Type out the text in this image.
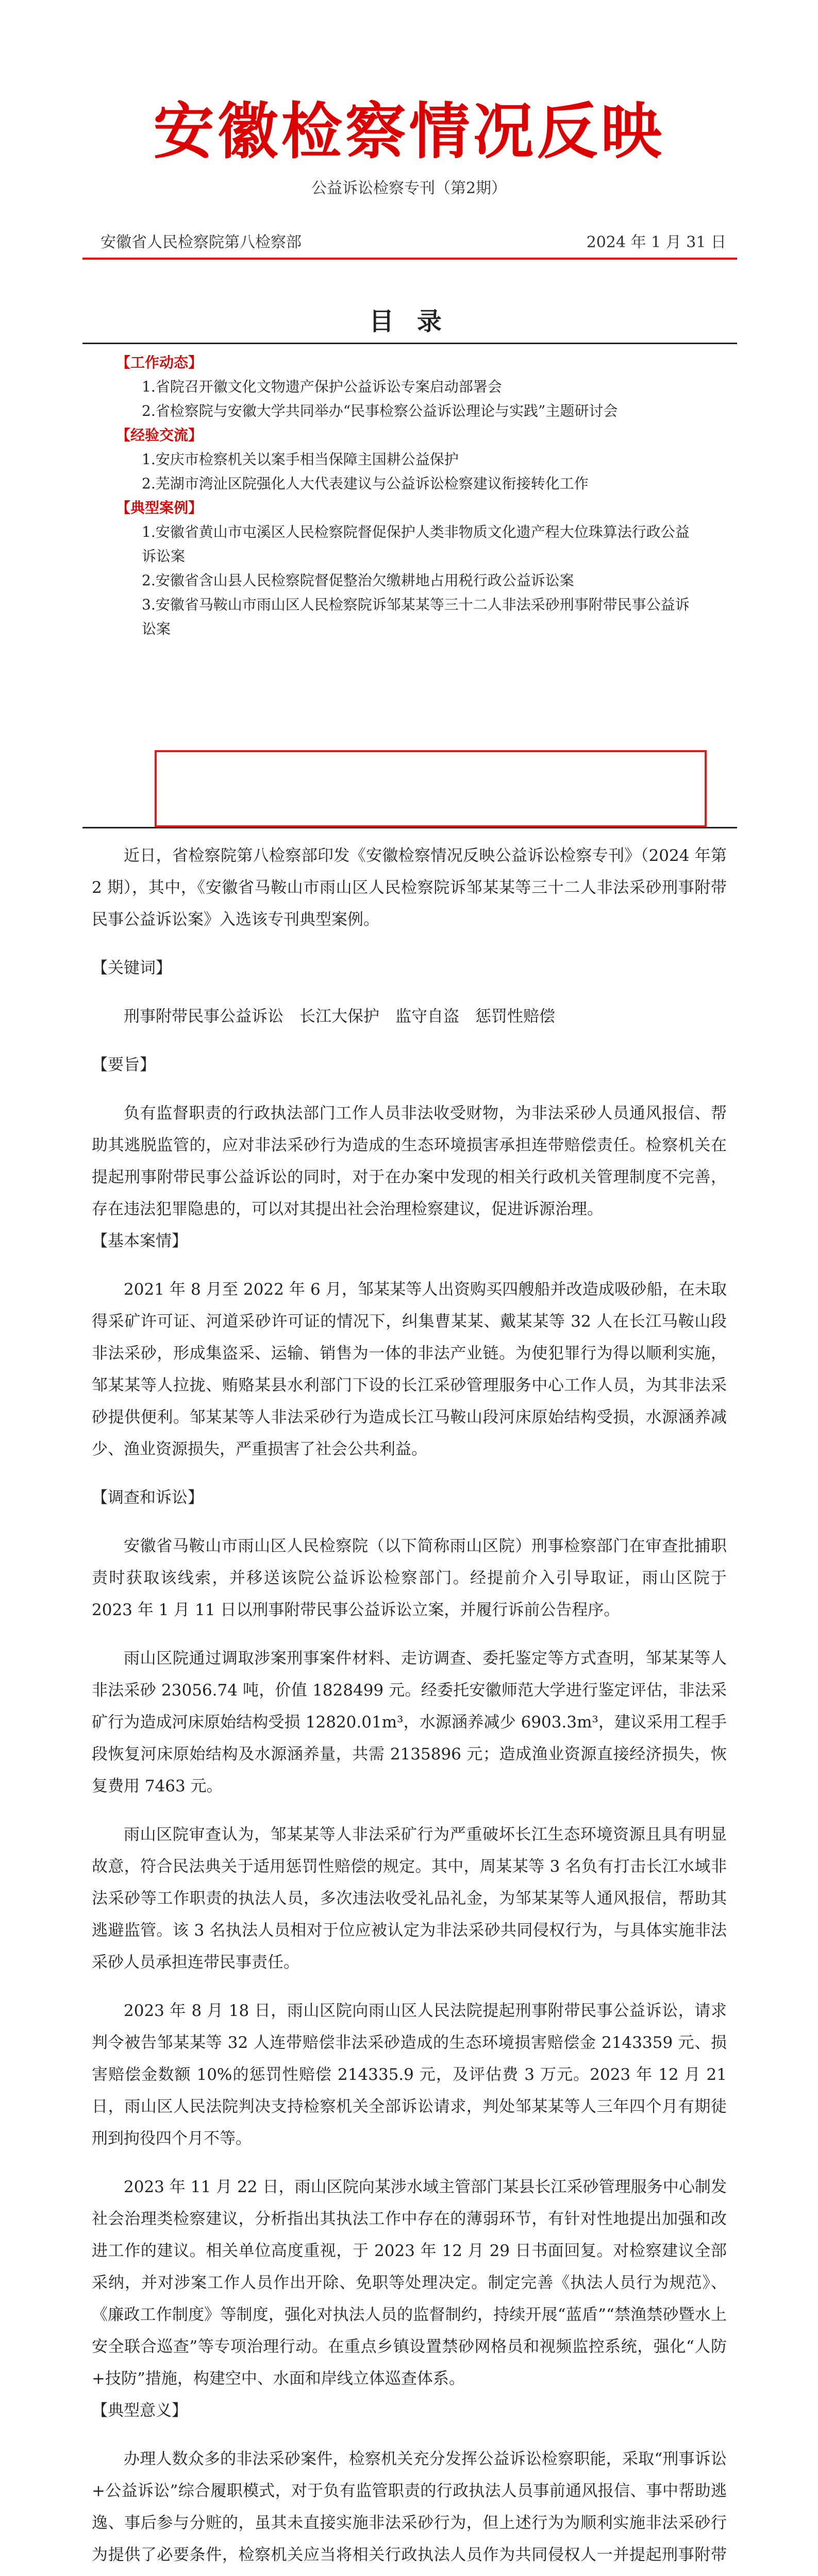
安徽检察情况反映
公益诉讼检察专刊（第2期）
安徽省人民检察院第八检察部	2024 年 1 月 31 日
目 录
【工作动态】
1.省院召开徽文化文物遗产保护公益诉讼专案启动部署会
2.省检察院与安徽大学共同举办“民事检察公益诉讼理论与实践”主题研讨会
【经验交流】
1.安庆市检察机关以案手相当保障主国耕公益保护
2.芜湖市湾沚区院强化人大代表建议与公益诉讼检察建议衔接转化工作
【典型案例】
1.安徽省黄山市屯溪区人民检察院督促保护人类非物质文化遗产程大位珠算法行政公益诉讼案
2.安徽省含山县人民检察院督促整治欠缴耕地占用税行政公益诉讼案
3.安徽省马鞍山市雨山区人民检察院诉邹某某等三十二人非法采砂刑事附带民事公益诉讼案

近日，省检察院第八检察部印发《安徽检察情况反映公益诉讼检察专刊》（2024 年第 2 期），其中，《安徽省马鞍山市雨山区人民检察院诉邹某某等三十二人非法采砂刑事附带民事公益诉讼案》入选该专刊典型案例。

【关键词】

刑事附带民事公益诉讼　长江大保护　监守自盗　惩罚性赔偿

【要旨】

负有监督职责的行政执法部门工作人员非法收受财物，为非法采砂人员通风报信、帮助其逃脱监管的，应对非法采砂行为造成的生态环境损害承担连带赔偿责任。检察机关在提起刑事附带民事公益诉讼的同时，对于在办案中发现的相关行政机关管理制度不完善，存在违法犯罪隐患的，可以对其提出社会治理检察建议，促进诉源治理。

【基本案情】

2021 年 8 月至 2022 年 6 月，邹某某等人出资购买四艘船并改造成吸砂船，在未取得采矿许可证、河道采砂许可证的情况下，纠集曹某某、戴某某等 32 人在长江马鞍山段非法采砂，形成集盗采、运输、销售为一体的非法产业链。为使犯罪行为得以顺利实施，邹某某等人拉拢、贿赂某县水利部门下设的长江采砂管理服务中心工作人员，为其非法采砂提供便利。邹某某等人非法采砂行为造成长江马鞍山段河床原始结构受损，水源涵养减少、渔业资源损失，严重损害了社会公共利益。

【调查和诉讼】

安徽省马鞍山市雨山区人民检察院（以下简称雨山区院）刑事检察部门在审查批捕职责时获取该线索，并移送该院公益诉讼检察部门。经提前介入引导取证，雨山区院于 2023 年 1 月 11 日以刑事附带民事公益诉讼立案，并履行诉前公告程序。

雨山区院通过调取涉案刑事案件材料、走访调查、委托鉴定等方式查明，邹某某等人非法采砂 23056.74 吨，价值 1828499 元。经委托安徽师范大学进行鉴定评估，非法采矿行为造成河床原始结构受损 12820.01m³，水源涵养减少 6903.3m³，建议采用工程手段恢复河床原始结构及水源涵养量，共需 2135896 元；造成渔业资源直接经济损失，恢复费用 7463 元。

雨山区院审查认为，邹某某等人非法采矿行为严重破坏长江生态环境资源且具有明显故意，符合民法典关于适用惩罚性赔偿的规定。其中，周某某等 3 名负有打击长江水域非法采砂等工作职责的执法人员，多次违法收受礼品礼金，为邹某某等人通风报信，帮助其逃避监管。该 3 名执法人员相对于位应被认定为非法采砂共同侵权行为，与具体实施非法采砂人员承担连带民事责任。

2023 年 8 月 18 日，雨山区院向雨山区人民法院提起刑事附带民事公益诉讼，请求判令被告邹某某等 32 人连带赔偿非法采砂造成的生态环境损害赔偿金 2143359 元、损害赔偿金数额 10%的惩罚性赔偿 214335.9 元，及评估费 3 万元。2023 年 12 月 21 日，雨山区人民法院判决支持检察机关全部诉讼请求，判处邹某某等人三年四个月有期徒刑到拘役四个月不等。

2023 年 11 月 22 日，雨山区院向某涉水域主管部门某县长江采砂管理服务中心制发社会治理类检察建议，分析指出其执法工作中存在的薄弱环节，有针对性地提出加强和改进工作的建议。相关单位高度重视，于 2023 年 12 月 29 日书面回复。对检察建议全部采纳，并对涉案工作人员作出开除、免职等处理决定。制定完善《执法人员行为规范》、《廉政工作制度》等制度，强化对执法人员的监督制约，持续开展“蓝盾”“禁渔禁砂暨水上安全联合巡查”等专项治理行动。在重点乡镇设置禁砂网格员和视频监控系统，强化“人防+技防”措施，构建空中、水面和岸线立体巡查体系。

【典型意义】

办理人数众多的非法采砂案件，检察机关充分发挥公益诉讼检察职能，采取“刑事诉讼+公益诉讼”综合履职模式，对于负有监管职责的行政执法人员事前通风报信、事中帮助逃逸、事后参与分赃的，虽其未直接实施非法采砂行为，但上述行为为顺利实施非法采砂行为提供了必要条件，检察机关应当将相关行政执法人员作为共同侵权人一并提起刑事附带
